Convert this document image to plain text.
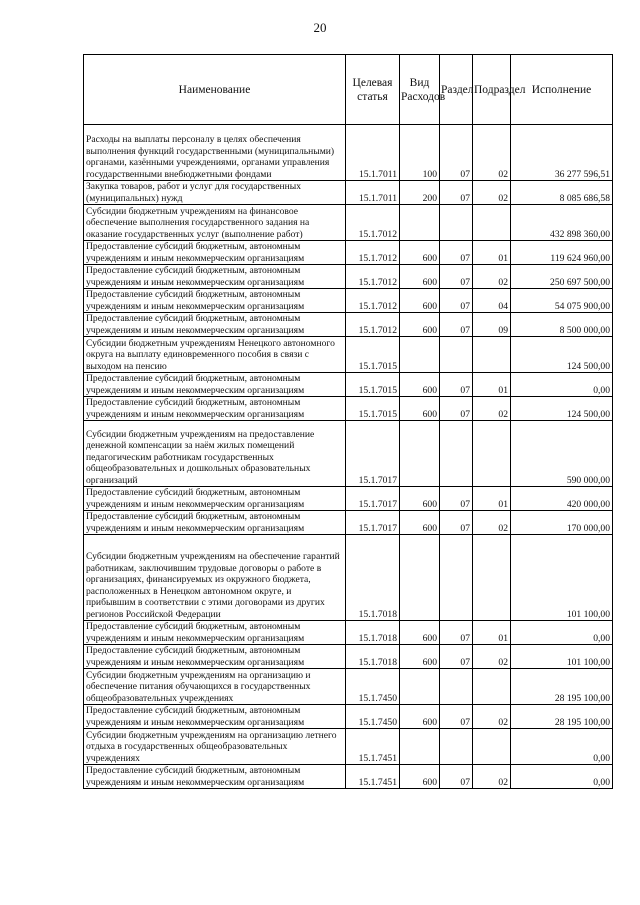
20
Наименование	Целевая статья	Вид Расходов	Раздел	Подраздел	Исполнение
Расходы на выплаты персоналу в целях обеспечения выполнения функций государственными (муниципальными) органами, казёнными учреждениями, органами управления государственными внебюджетными фондами	15.1.7011	100	07	02	36 277 596,51
Закупка товаров, работ и услуг для государственных (муниципальных) нужд	15.1.7011	200	07	02	8 085 686,58
Субсидии бюджетным учреждениям на финансовое обеспечение выполнения государственного задания на оказание государственных услуг (выполнение работ)	15.1.7012				432 898 360,00
Предоставление субсидий бюджетным, автономным учреждениям и иным некоммерческим организациям	15.1.7012	600	07	01	119 624 960,00
Предоставление субсидий бюджетным, автономным учреждениям и иным некоммерческим организациям	15.1.7012	600	07	02	250 697 500,00
Предоставление субсидий бюджетным, автономным учреждениям и иным некоммерческим организациям	15.1.7012	600	07	04	54 075 900,00
Предоставление субсидий бюджетным, автономным учреждениям и иным некоммерческим организациям	15.1.7012	600	07	09	8 500 000,00
Субсидии бюджетным учреждениям Ненецкого автономного округа на выплату единовременного пособия в связи с выходом на пенсию	15.1.7015				124 500,00
Предоставление субсидий бюджетным, автономным учреждениям и иным некоммерческим организациям	15.1.7015	600	07	01	0,00
Предоставление субсидий бюджетным, автономным учреждениям и иным некоммерческим организациям	15.1.7015	600	07	02	124 500,00
Субсидии бюджетным учреждениям на предоставление денежной компенсации за наём жилых помещений педагогическим работникам государственных общеобразовательных и дошкольных образовательных организаций	15.1.7017				590 000,00
Предоставление субсидий бюджетным, автономным учреждениям и иным некоммерческим организациям	15.1.7017	600	07	01	420 000,00
Предоставление субсидий бюджетным, автономным учреждениям и иным некоммерческим организациям	15.1.7017	600	07	02	170 000,00
Субсидии бюджетным учреждениям на обеспечение гарантий работникам, заключившим трудовые договоры о работе в организациях, финансируемых из окружного бюджета, расположенных в Ненецком автономном округе, и прибывшим в соответствии с этими договорами из других регионов Российской Федерации	15.1.7018				101 100,00
Предоставление субсидий бюджетным, автономным учреждениям и иным некоммерческим организациям	15.1.7018	600	07	01	0,00
Предоставление субсидий бюджетным, автономным учреждениям и иным некоммерческим организациям	15.1.7018	600	07	02	101 100,00
Субсидии бюджетным учреждениям на организацию и обеспечение питания обучающихся в государственных общеобразовательных учреждениях	15.1.7450				28 195 100,00
Предоставление субсидий бюджетным, автономным учреждениям и иным некоммерческим организациям	15.1.7450	600	07	02	28 195 100,00
Субсидии бюджетным учреждениям на организацию летнего отдыха в государственных общеобразовательных учреждениях	15.1.7451				0,00
Предоставление субсидий бюджетным, автономным учреждениям и иным некоммерческим организациям	15.1.7451	600	07	02	0,00
